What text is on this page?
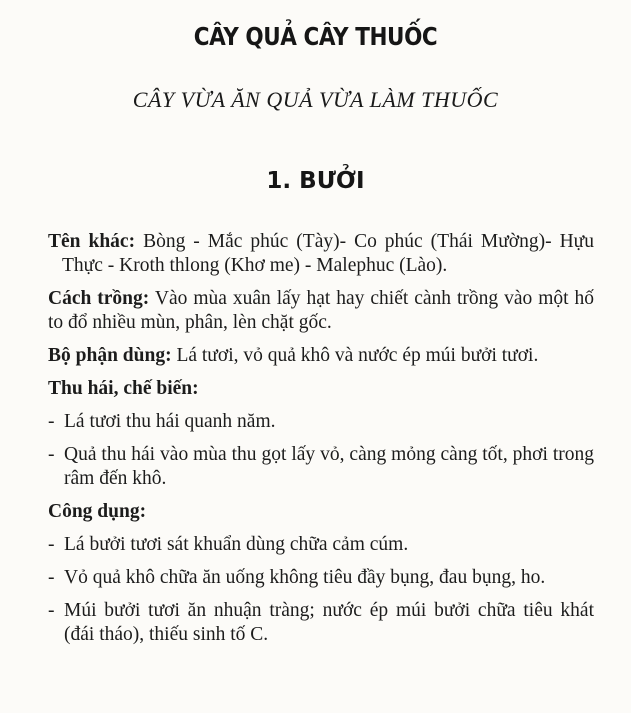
CÂY QUẢ CÂY THUỐC
CÂY VỪA ĂN QUẢ VỪA LÀM THUỐC
1. BƯỞI

Tên khác: Bòng - Mắc phúc (Tày)- Co phúc (Thái Mường)- Hựu Thực - Kroth thlong (Khơ me) - Malephuc (Lào).

Cách trồng: Vào mùa xuân lấy hạt hay chiết cành trồng vào một hố to đổ nhiều mùn, phân, lèn chặt gốc.

Bộ phận dùng: Lá tươi, vỏ quả khô và nước ép múi bưởi tươi.

Thu hái, chế biến:
- Lá tươi thu hái quanh năm.
- Quả thu hái vào mùa thu gọt lấy vỏ, càng mỏng càng tốt, phơi trong râm đến khô.
Công dụng:
- Lá bưởi tươi sát khuẩn dùng chữa cảm cúm.
- Vỏ quả khô chữa ăn uống không tiêu đầy bụng, đau bụng, ho.
- Múi bưởi tươi ăn nhuận tràng; nước ép múi bưởi chữa tiêu khát (đái tháo), thiếu sinh tố C.
